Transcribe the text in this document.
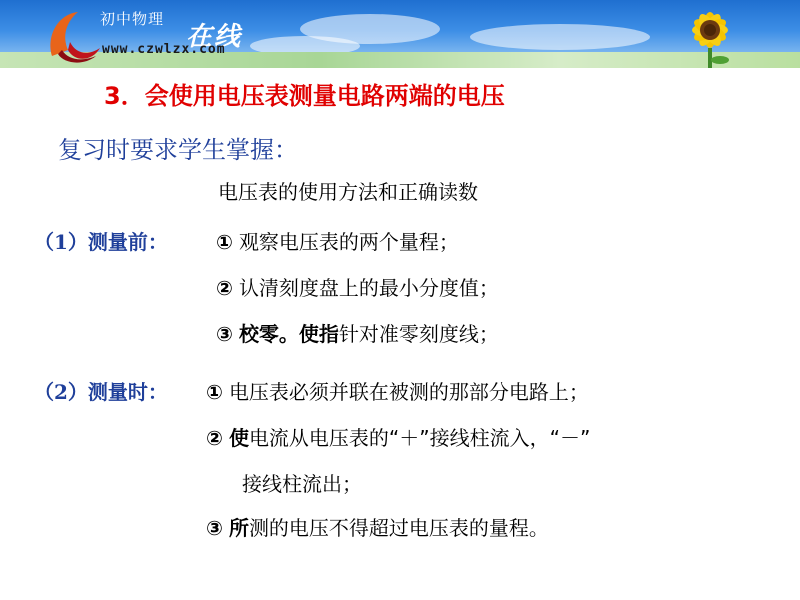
初中物理
在线
www.czwlzx.com
3．会使用电压表测量电路两端的电压
复习时要求学生掌握：
电压表的使用方法和正确读数
（1）测量前： ① 观察电压表的两个量程；
② 认清刻度盘上的最小分度值；
③ 校零。使指针对准零刻度线；
（2）测量时： ① 电压表必须并联在被测的那部分电路上；
② 使电流从电压表的“＋”接线柱流入，“－”
接线柱流出；
③ 所测的电压不得超过电压表的量程。
